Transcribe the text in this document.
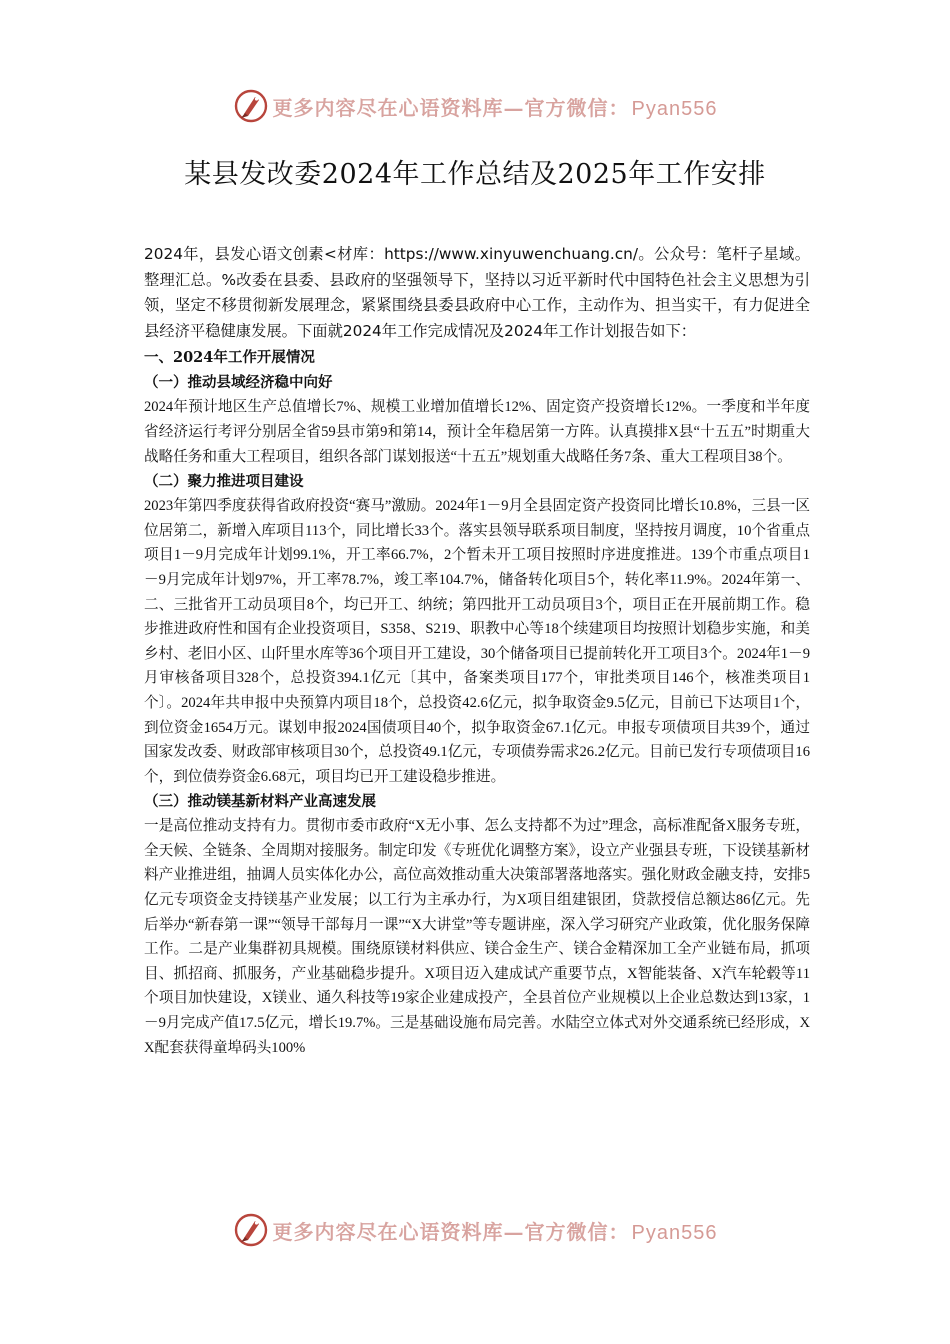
更多内容尽在心语资料库—官方微信： Pyan556
某县发改委2024年工作总结及2025年工作安排

2024年，县发心语文创素<材库：https://www.xinyuwenchuang.cn/。公众号：笔杆子星域。整理汇总。%改委在县委、县政府的坚强领导下，坚持以习近平新时代中国特色社会主义思想为引领，坚定不移贯彻新发展理念，紧紧围绕县委县政府中心工作，主动作为、担当实干，有力促进全县经济平稳健康发展。下面就2024年工作完成情况及2024年工作计划报告如下：

一、2024年工作开展情况

（一）推动县域经济稳中向好

2024年预计地区生产总值增长7%、规模工业增加值增长12%、固定资产投资增长12%。一季度和半年度省经济运行考评分别居全省59县市第9和第14，预计全年稳居第一方阵。认真摸排X县“十五五”时期重大战略任务和重大工程项目，组织各部门谋划报送“十五五”规划重大战略任务7条、重大工程项目38个。

（二）聚力推进项目建设

2023年第四季度获得省政府投资“赛马”激励。2024年1－9月全县固定资产投资同比增长10.8%，三县一区位居第二，新增入库项目113个，同比增长33个。落实县领导联系项目制度，坚持按月调度，10个省重点项目1－9月完成年计划99.1%，开工率66.7%，2个暂未开工项目按照时序进度推进。139个市重点项目1－9月完成年计划97%，开工率78.7%，竣工率104.7%，储备转化项目5个，转化率11.9%。2024年第一、二、三批省开工动员项目8个，均已开工、纳统；第四批开工动员项目3个，项目正在开展前期工作。稳步推进政府性和国有企业投资项目，S358、S219、职教中心等18个续建项目均按照计划稳步实施，和美乡村、老旧小区、山阡里水库等36个项目开工建设，30个储备项目已提前转化开工项目3个。2024年1－9月审核备项目328个，总投资394.1亿元〔其中，备案类项目177个，审批类项目146个，核准类项目1个〕。2024年共申报中央预算内项目18个，总投资42.6亿元，拟争取资金9.5亿元，目前已下达项目1个，到位资金1654万元。谋划申报2024国债项目40个，拟争取资金67.1亿元。申报专项债项目共39个，通过国家发改委、财政部审核项目30个，总投资49.1亿元，专项债券需求26.2亿元。目前已发行专项债项目16个，到位债券资金6.68元，项目均已开工建设稳步推进。

（三）推动镁基新材料产业高速发展

一是高位推动支持有力。贯彻市委市政府“X无小事、怎么支持都不为过”理念，高标准配备X服务专班，全天候、全链条、全周期对接服务。制定印发《专班优化调整方案》，设立产业强县专班，下设镁基新材料产业推进组，抽调人员实体化办公，高位高效推动重大决策部署落地落实。强化财政金融支持，安排5亿元专项资金支持镁基产业发展；以工行为主承办行，为X项目组建银团，贷款授信总额达86亿元。先后举办“新春第一课”“领导干部每月一课”“X大讲堂”等专题讲座，深入学习研究产业政策，优化服务保障工作。二是产业集群初具规模。围绕原镁材料供应、镁合金生产、镁合金精深加工全产业链布局，抓项目、抓招商、抓服务，产业基础稳步提升。X项目迈入建成试产重要节点，X智能装备、X汽车轮毂等11个项目加快建设，X镁业、通久科技等19家企业建成投产，全县首位产业规模以上企业总数达到13家，1－9月完成产值17.5亿元，增长19.7%。三是基础设施布局完善。水陆空立体式对外交通系统已经形成，XX配套获得童埠码头100%

更多内容尽在心语资料库—官方微信： Pyan556
